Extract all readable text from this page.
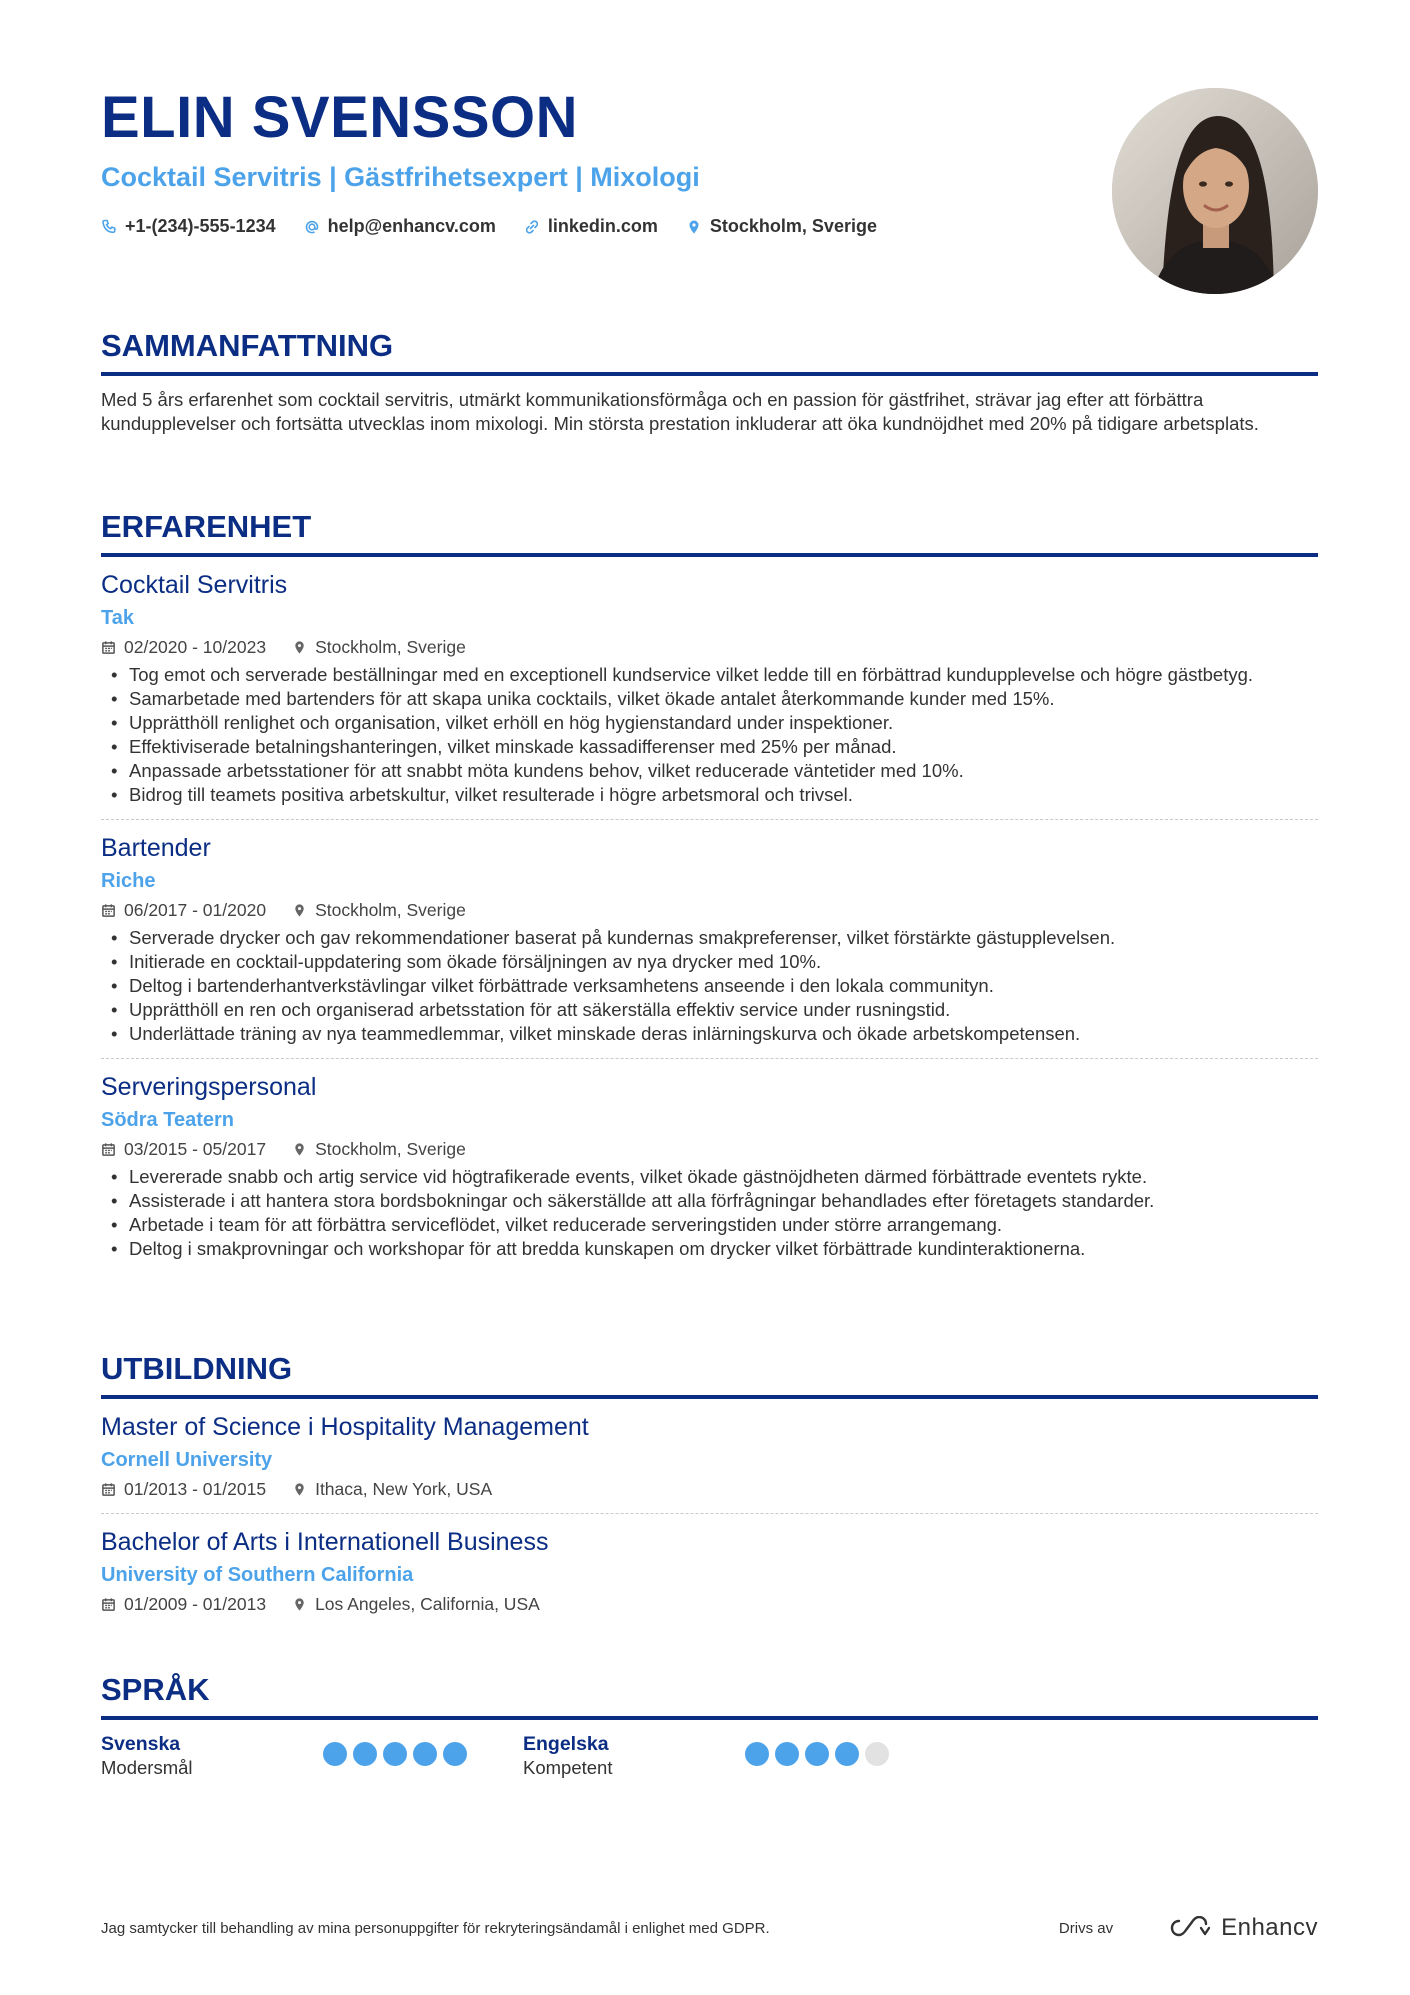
ELIN SVENSSON
Cocktail Servitris | Gästfrihetsexpert | Mixologi
+1-(234)-555-1234	help@enhancv.com	linkedin.com	Stockholm, Sverige
SAMMANFATTNING
Med 5 års erfarenhet som cocktail servitris, utmärkt kommunikationsförmåga och en passion för gästfrihet, strävar jag efter att förbättra kundupplevelser och fortsätta utvecklas inom mixologi. Min största prestation inkluderar att öka kundnöjdhet med 20% på tidigare arbetsplats.
ERFARENHET
Cocktail Servitris
Tak
02/2020 - 10/2023	Stockholm, Sverige
• Tog emot och serverade beställningar med en exceptionell kundservice vilket ledde till en förbättrad kundupplevelse och högre gästbetyg.
• Samarbetade med bartenders för att skapa unika cocktails, vilket ökade antalet återkommande kunder med 15%.
• Upprätthöll renlighet och organisation, vilket erhöll en hög hygienstandard under inspektioner.
• Effektiviserade betalningshanteringen, vilket minskade kassadifferenser med 25% per månad.
• Anpassade arbetsstationer för att snabbt möta kundens behov, vilket reducerade väntetider med 10%.
• Bidrog till teamets positiva arbetskultur, vilket resulterade i högre arbetsmoral och trivsel.
Bartender
Riche
06/2017 - 01/2020	Stockholm, Sverige
• Serverade drycker och gav rekommendationer baserat på kundernas smakpreferenser, vilket förstärkte gästupplevelsen.
• Initierade en cocktail-uppdatering som ökade försäljningen av nya drycker med 10%.
• Deltog i bartenderhantverkstävlingar vilket förbättrade verksamhetens anseende i den lokala communityn.
• Upprätthöll en ren och organiserad arbetsstation för att säkerställa effektiv service under rusningstid.
• Underlättade träning av nya teammedlemmar, vilket minskade deras inlärningskurva och ökade arbetskompetensen.
Serveringspersonal
Södra Teatern
03/2015 - 05/2017	Stockholm, Sverige
• Levererade snabb och artig service vid högtrafikerade events, vilket ökade gästnöjdheten därmed förbättrade eventets rykte.
• Assisterade i att hantera stora bordsbokningar och säkerställde att alla förfrågningar behandlades efter företagets standarder.
• Arbetade i team för att förbättra serviceflödet, vilket reducerade serveringstiden under större arrangemang.
• Deltog i smakprovningar och workshopar för att bredda kunskapen om drycker vilket förbättrade kundinteraktionerna.
UTBILDNING
Master of Science i Hospitality Management
Cornell University
01/2013 - 01/2015	Ithaca, New York, USA
Bachelor of Arts i Internationell Business
University of Southern California
01/2009 - 01/2013	Los Angeles, California, USA
SPRÅK
Svenska
Modersmål
Engelska
Kompetent
Jag samtycker till behandling av mina personuppgifter för rekryteringsändamål i enlighet med GDPR.	Drivs av	Enhancv
